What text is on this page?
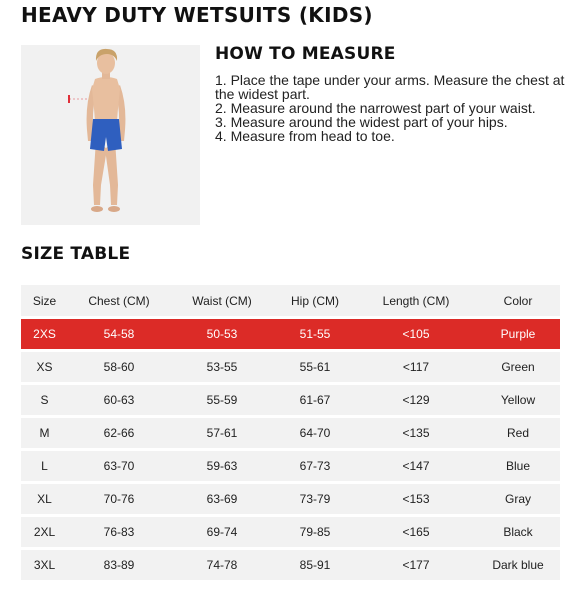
HEAVY DUTY WETSUITS (KIDS)
HOW TO MEASURE

1. Place the tape under your arms. Measure the chest at the widest part.

2. Measure around the narrowest part of your waist.

3. Measure around the widest part of your hips.

4. Measure from head to toe.

SIZE TABLE
Size	Chest (CM)	Waist (CM)	Hip (CM)	Length (CM)	Color
2XS	54-58	50-53	51-55	<105	Purple
XS	58-60	53-55	55-61	<117	Green
S	60-63	55-59	61-67	<129	Yellow
M	62-66	57-61	64-70	<135	Red
L	63-70	59-63	67-73	<147	Blue
XL	70-76	63-69	73-79	<153	Gray
2XL	76-83	69-74	79-85	<165	Black
3XL	83-89	74-78	85-91	<177	Dark blue
